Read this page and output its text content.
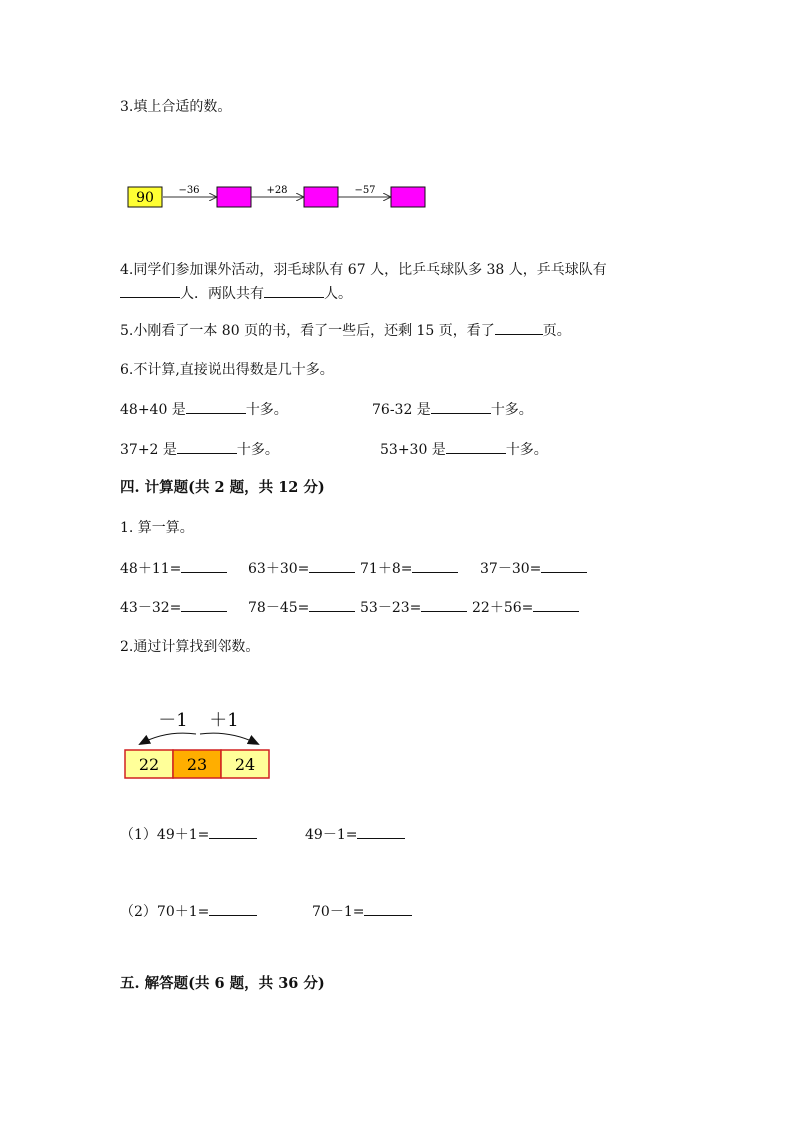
3.填上合适的数。
90 −36	+28	−57
4.同学们参加课外活动，羽毛球队有 67 人，比乒乓球队多 38 人，乒乓球队有
人．两队共有	人。
5.小刚看了一本 80 页的书，看了一些后，还剩 15 页，看了	页。
6.不计算,直接说出得数是几十多。
48+40 是	十多。	76-32 是	十多。
37+2 是	十多。	53+30 是	十多。
四. 计算题(共 2 题，共 12 分)
1. 算一算。
48＋11=	63＋30=	71＋8=	37－30=
43－32=	78－45=	53－23=	22＋56=
2.通过计算找到邻数。
－1 ＋1
22 23 24
（1）49＋1=	49－1=
（2）70＋1=	70－1=
五. 解答题(共 6 题，共 36 分)
